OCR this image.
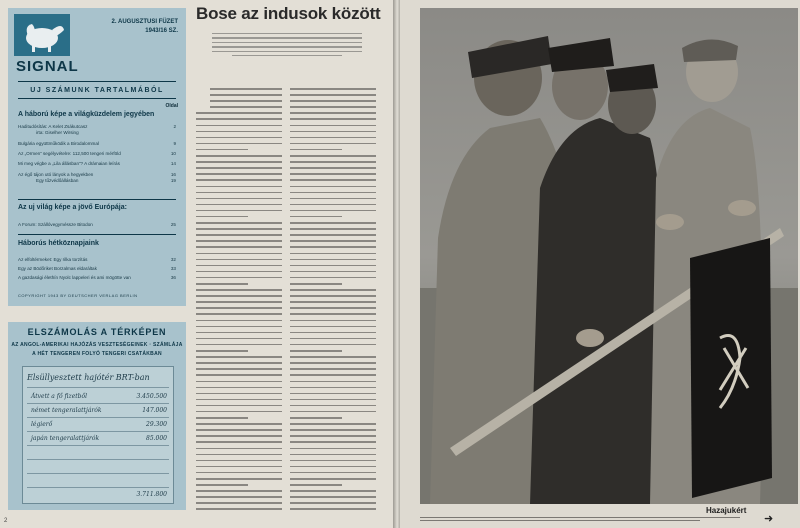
SIGNAL
2. AUGUSZTUSI FÜZET
1943/16 SZ.
UJ SZÁMUNK TARTALMÁBÓL
Oldal
A háború képe a világküzdelem jegyében
Haditudósítás: A Kelet Zsákutcasz	2
irta: Giselher Wirsing
Bulgária együttműködik a Birodalommal	9
Az „Ormen” segélyvételre: 112,500 tengeri mérföld	10
Mi meg végbe a „Lila állásban”? A drámaian leírás	14
Az égő tájon utó lányok a hegyekben	16
Egy tűzvédőállásban	19
Az uj világ képe a jövő Európája:
A Forum: Szállóvegyméssze Bitodon	25
Háborús hétköznapjaink
Az elfoltérmeket: Egy rilka torzítás	32
Egy az Bödőriket Borzalmas eldaráltak	33
A gazdasági élethín Nyolc lappeleri és ami mögötte van	36
COPYRIGHT 1943 BY DEUTSCHER VERLAG BERLIN
ELSZÁMOLÁS A TÉRKÉPEN
AZ ANGOL-AMERIKAI HAJÓZÁS VESZTESÉGEINEK · SZÁMLÁJA
A HÉT TENGEREN FOLYÓ TENGERI CSATÁKBAN
Elsüllyesztett hajótér BRT-ban
Átvett a fő fizetből	3.450.500
német tengeralattjárók	147.000
légierő	29.300
japán tengeralattjárók	85.000
3.711.800
2
Bose az indusok között
Hazajukért
➜
